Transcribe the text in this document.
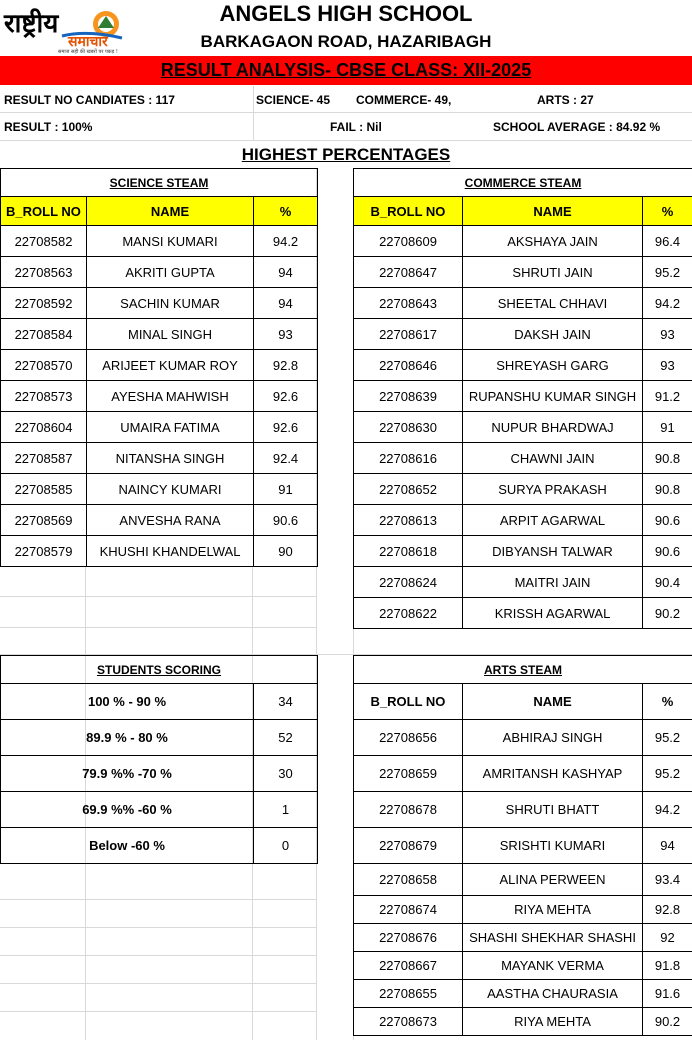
राष्ट्रीय
समाचार
समाज सही की खबरों पर पकड़ !
ANGELS HIGH SCHOOL
BARKAGAON ROAD, HAZARIBAGH
RESULT ANALYSIS- CBSE CLASS: XII-2025
RESULT NO CANDIATES : 117	SCIENCE- 45	COMMERCE- 49,	ARTS : 27
RESULT : 100%	FAIL : Nil	SCHOOL AVERAGE : 84.92 %
HIGHEST PERCENTAGES
SCIENCE STEAM		
B_ROLL NO	NAME	%
22708582	MANSI KUMARI	94.2
22708563	AKRITI GUPTA	94
22708592	SACHIN KUMAR	94
22708584	MINAL SINGH	93
22708570	ARIJEET KUMAR ROY	92.8
22708573	AYESHA MAHWISH	92.6
22708604	UMAIRA FATIMA	92.6
22708587	NITANSHA SINGH	92.4
22708585	NAINCY KUMARI	91
22708569	ANVESHA RANA	90.6
22708579	KHUSHI KHANDELWAL	90
COMMERCE STEAM		
B_ROLL NO	NAME	%
22708609	AKSHAYA JAIN	96.4
22708647	SHRUTI JAIN	95.2
22708643	SHEETAL CHHAVI	94.2
22708617	DAKSH JAIN	93
22708646	SHREYASH GARG	93
22708639	RUPANSHU KUMAR SINGH	91.2
22708630	NUPUR BHARDWAJ	91
22708616	CHAWNI JAIN	90.8
22708652	SURYA PRAKASH	90.8
22708613	ARPIT AGARWAL	90.6
22708618	DIBYANSH TALWAR	90.6
22708624	MAITRI JAIN	90.4
22708622	KRISSH AGARWAL	90.2
STUDENTS SCORING	
100 % - 90 %	34
89.9 % - 80 %	52
79.9 %% -70 %	30
69.9 %% -60 %	1
Below -60 %	0
ARTS STEAM		
B_ROLL NO	NAME	%
22708656	ABHIRAJ SINGH	95.2
22708659	AMRITANSH KASHYAP	95.2
22708678	SHRUTI BHATT	94.2
22708679	SRISHTI KUMARI	94
22708658	ALINA PERWEEN	93.4
22708674	RIYA MEHTA	92.8
22708676	SHASHI SHEKHAR SHASHI	92
22708667	MAYANK VERMA	91.8
22708655	AASTHA CHAURASIA	91.6
22708673	RIYA MEHTA	90.2
